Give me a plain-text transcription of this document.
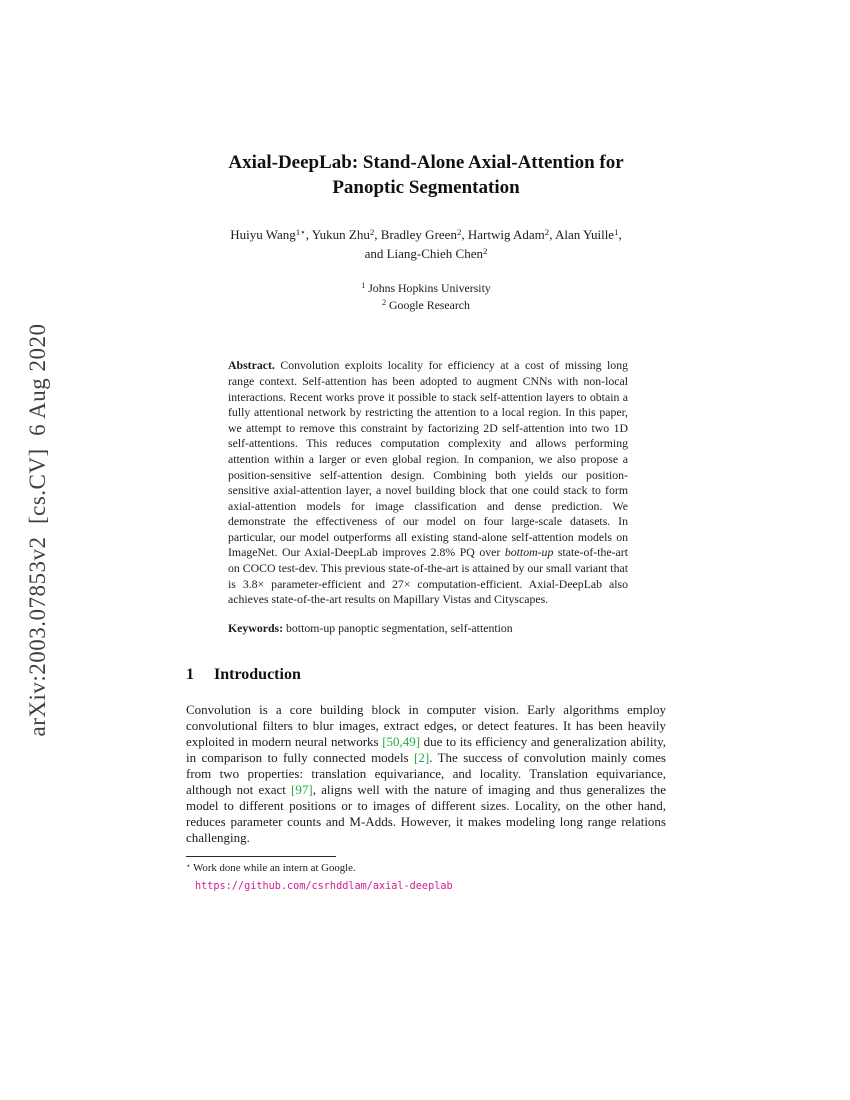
arXiv:2003.07853v2  [cs.CV]  6 Aug 2020
Axial-DeepLab: Stand-Alone Axial-Attention for
Panoptic Segmentation
Huiyu Wang$^{1⋆}$, Yukun Zhu$^2$, Bradley Green$^2$, Hartwig Adam$^2$, Alan Yuille$^1$,
and Liang-Chieh Chen$^2$
$^1$ Johns Hopkins University
$^2$ Google Research
Abstract. Convolution exploits locality for efficiency at a cost of missing long range context. Self-attention has been adopted to augment CNNs with non-local interactions. Recent works prove it possible to stack self-attention layers to obtain a fully attentional network by restricting the attention to a local region. In this paper, we attempt to remove this constraint by factorizing 2D self-attention into two 1D self-attentions. This reduces computation complexity and allows performing attention within a larger or even global region. In companion, we also propose a position-sensitive self-attention design. Combining both yields our position-sensitive axial-attention layer, a novel building block that one could stack to form axial-attention models for image classification and dense prediction. We demonstrate the effectiveness of our model on four large-scale datasets. In particular, our model outperforms all existing stand-alone self-attention models on ImageNet. Our Axial-DeepLab improves 2.8% PQ over bottom-up state-of-the-art on COCO test-dev. This previous state-of-the-art is attained by our small variant that is 3.8× parameter-efficient and 27× computation-efficient. Axial-DeepLab also achieves state-of-the-art results on Mapillary Vistas and Cityscapes.
Keywords: bottom-up panoptic segmentation, self-attention
1 Introduction

Convolution is a core building block in computer vision. Early algorithms employ convolutional filters to blur images, extract edges, or detect features. It has been heavily exploited in modern neural networks [50,49] due to its efficiency and generalization ability, in comparison to fully connected models [2]. The success of convolution mainly comes from two properties: translation equivariance, and locality. Translation equivariance, although not exact [97], aligns well with the nature of imaging and thus generalizes the model to different positions or to images of different sizes. Locality, on the other hand, reduces parameter counts and M-Adds. However, it makes modeling long range relations challenging.

⋆ Work done while an intern at Google.
https://github.com/csrhddlam/axial-deeplab
